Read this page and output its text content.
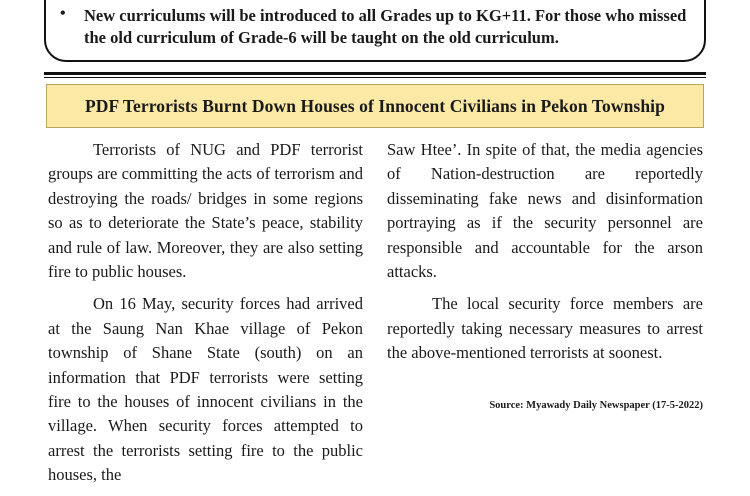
• New curriculums will be introduced to all Grades up to KG+11. For those who missed the old curriculum of Grade-6 will be taught on the old curriculum.
PDF Terrorists Burnt Down Houses of Innocent Civilians in Pekon Township

Terrorists of NUG and PDF terrorist groups are committing the acts of terrorism and destroying the roads/ bridges in some regions so as to deteriorate the State’s peace, stability and rule of law. Moreover, they are also setting fire to public houses.

On 16 May, security forces had arrived at the Saung Nan Khae village of Pekon township of Shane State (south) on an information that PDF terrorists were setting fire to the houses of innocent civilians in the village. When security forces attempted to arrest the terrorists setting fire to the public houses, the

Saw Htee’. In spite of that, the media agencies of Nation-destruction are reportedly disseminating fake news and disinformation portraying as if the security personnel are responsible and accountable for the arson attacks.

The local security force members are reportedly taking necessary measures to arrest the above-mentioned terrorists at soonest.

Source: Myawady Daily Newspaper (17-5-2022)
